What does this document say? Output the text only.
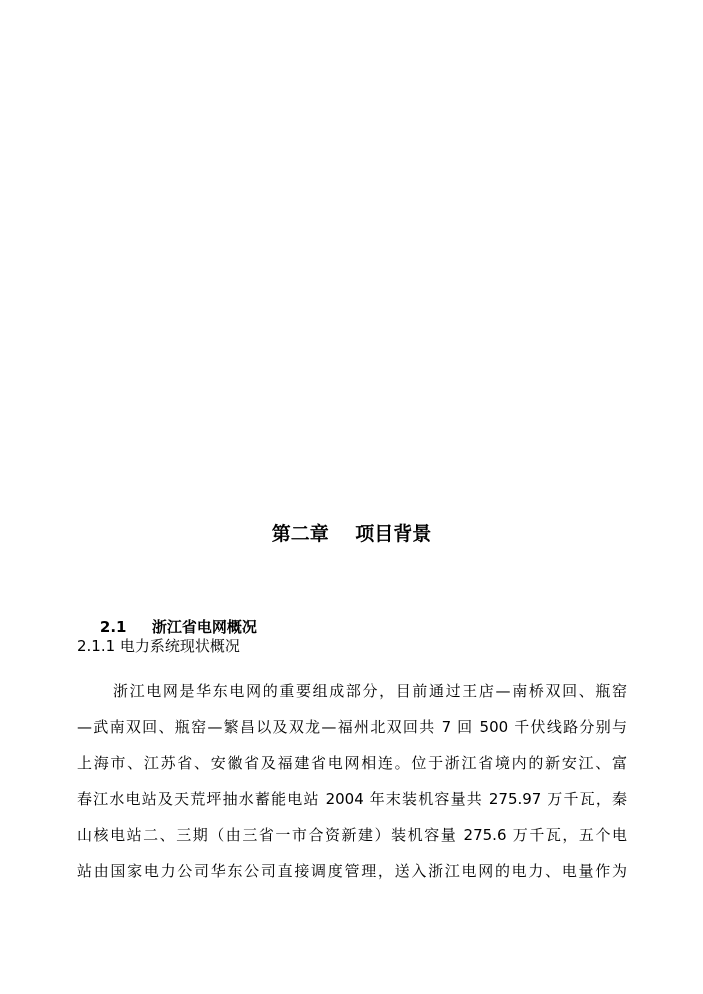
第二章    项目背景

2.1 浙江省电网概况

2.1.1 电力系统现状概况
浙江电网是华东电网的重要组成部分，目前通过王店—南桥双回、瓶窑
—武南双回、瓶窑—繁昌以及双龙—福州北双回共 7 回 500 千伏线路分别与
上海市、江苏省、安徽省及福建省电网相连。位于浙江省境内的新安江、富
春江水电站及天荒坪抽水蓄能电站 2004 年末装机容量共 275.97 万千瓦，秦
山核电站二、三期（由三省一市合资新建）装机容量 275.6 万千瓦，五个电
站由国家电力公司华东公司直接调度管理，送入浙江电网的电力、电量作为
